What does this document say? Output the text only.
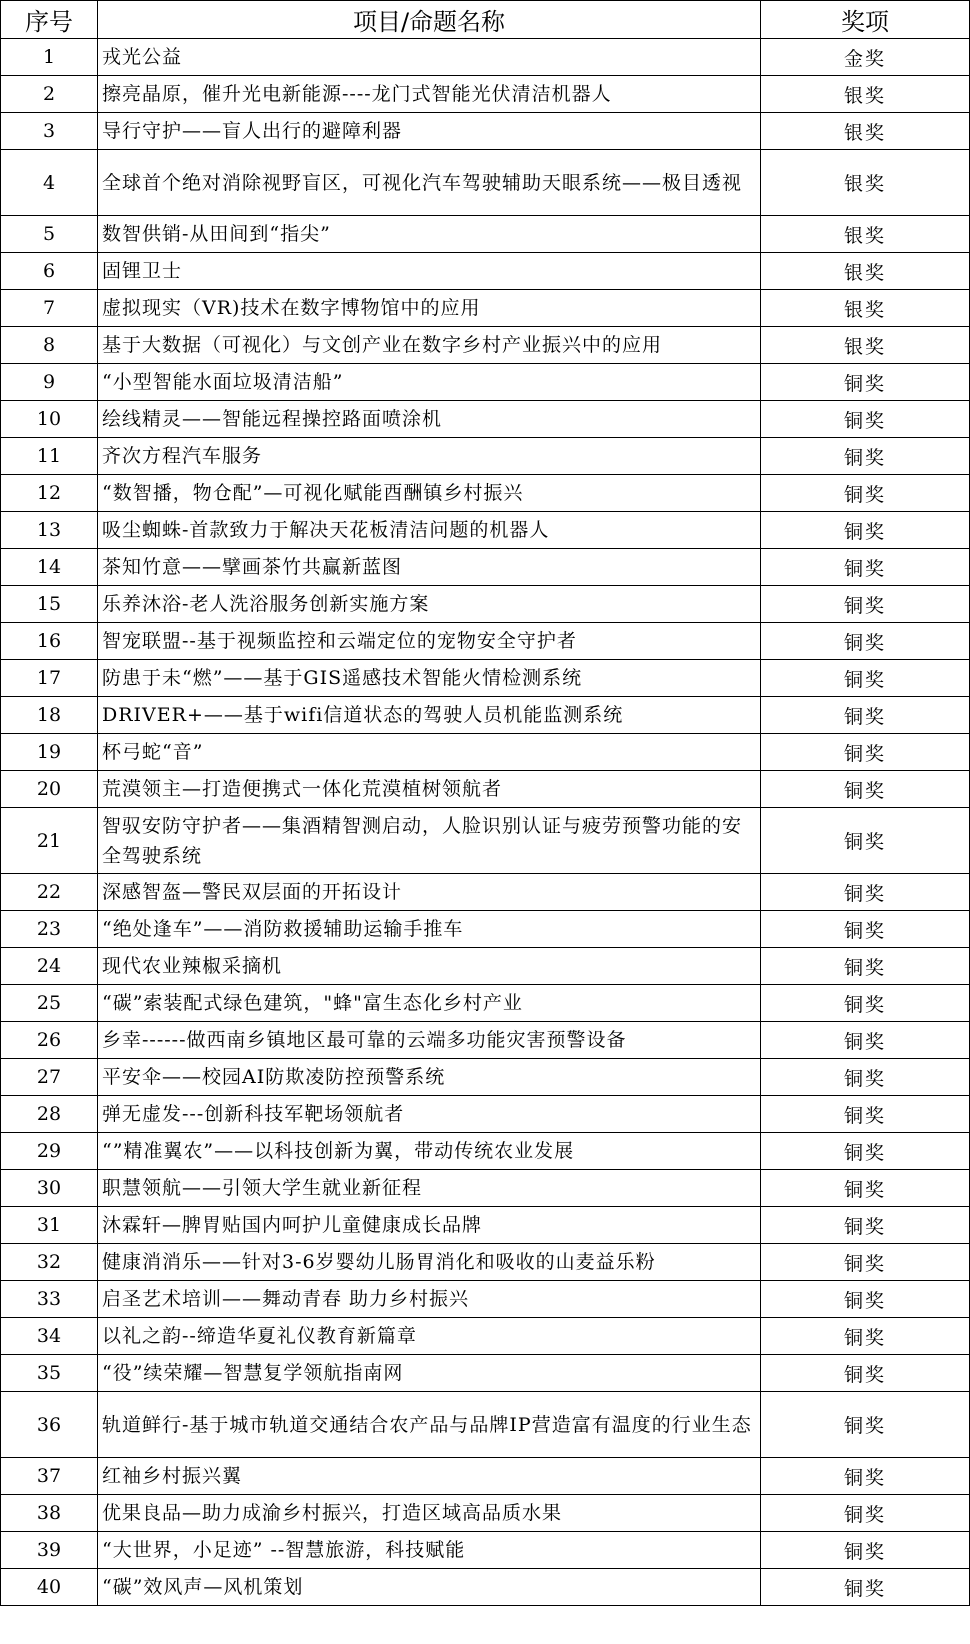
序号	项目/命题名称	奖项
1	戎光公益	金奖
2	擦亮晶原，催升光电新能源----龙门式智能光伏清洁机器人	银奖
3	导行守护——盲人出行的避障利器	银奖
4	全球首个绝对消除视野盲区，可视化汽车驾驶辅助天眼系统——极目透视	银奖
5	数智供销-从田间到“指尖”	银奖
6	固锂卫士	银奖
7	虚拟现实（VR)技术在数字博物馆中的应用	银奖
8	基于大数据（可视化）与文创产业在数字乡村产业振兴中的应用	银奖
9	“小型智能水面垃圾清洁船”	铜奖
10	绘线精灵——智能远程操控路面喷涂机	铜奖
11	齐次方程汽车服务	铜奖
12	“数智播，物仓配”—可视化赋能酉酬镇乡村振兴	铜奖
13	吸尘蜘蛛-首款致力于解决天花板清洁问题的机器人	铜奖
14	茶知竹意——擘画茶竹共赢新蓝图	铜奖
15	乐养沐浴-老人洗浴服务创新实施方案	铜奖
16	智宠联盟--基于视频监控和云端定位的宠物安全守护者	铜奖
17	防患于未“燃”——基于GIS遥感技术智能火情检测系统	铜奖
18	DRIVER+——基于wifi信道状态的驾驶人员机能监测系统	铜奖
19	杯弓蛇“音”	铜奖
20	荒漠领主—打造便携式一体化荒漠植树领航者	铜奖
21	智驭安防守护者——集酒精智测启动，人脸识别认证与疲劳预警功能的安全驾驶系统	铜奖
22	深感智盔—警民双层面的开拓设计	铜奖
23	“绝处逢车”——消防救援辅助运输手推车	铜奖
24	现代农业辣椒采摘机	铜奖
25	“碳”索装配式绿色建筑，"蜂"富生态化乡村产业	铜奖
26	乡幸------做西南乡镇地区最可靠的云端多功能灾害预警设备	铜奖
27	平安伞——校园AI防欺凌防控预警系统	铜奖
28	弹无虚发---创新科技军靶场领航者	铜奖
29	“”精准翼农”——以科技创新为翼，带动传统农业发展	铜奖
30	职慧领航——引领大学生就业新征程	铜奖
31	沐霖轩—脾胃贴国内呵护儿童健康成长品牌	铜奖
32	健康消消乐——针对3-6岁婴幼儿肠胃消化和吸收的山麦益乐粉	铜奖
33	启圣艺术培训——舞动青春 助力乡村振兴	铜奖
34	以礼之韵--缔造华夏礼仪教育新篇章	铜奖
35	“役”续荣耀—智慧复学领航指南网	铜奖
36	轨道鲜行-基于城市轨道交通结合农产品与品牌IP营造富有温度的行业生态	铜奖
37	红袖乡村振兴翼	铜奖
38	优果良品—助力成渝乡村振兴，打造区域高品质水果	铜奖
39	“大世界，小足迹” --智慧旅游，科技赋能	铜奖
40	“碳”效风声—风机策划	铜奖
